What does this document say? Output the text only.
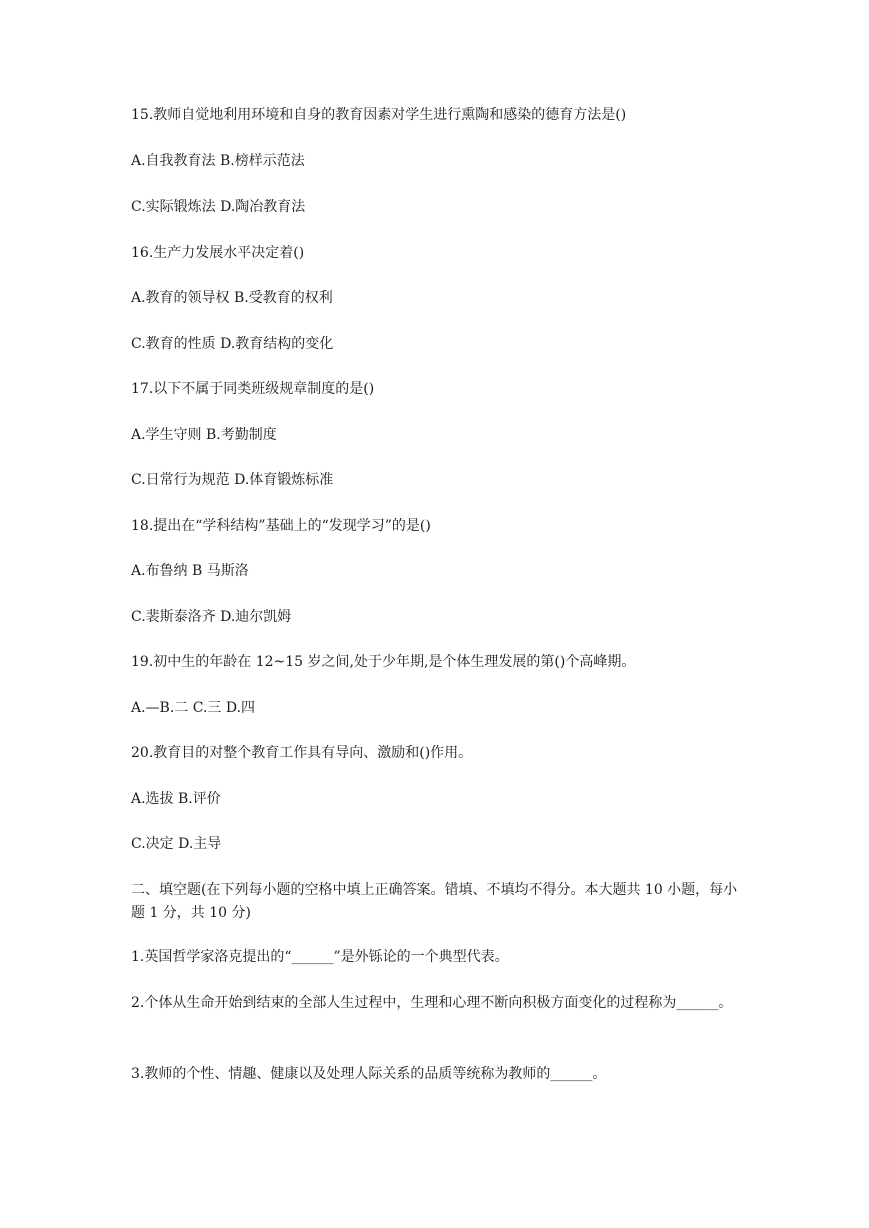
15.教师自觉地利用环境和自身的教育因素对学生进行熏陶和感染的德育方法是()
A.自我教育法 B.榜样示范法
C.实际锻炼法 D.陶冶教育法
16.生产力发展水平决定着()
A.教育的领导权 B.受教育的权利
C.教育的性质 D.教育结构的变化
17.以下不属于同类班级规章制度的是()
A.学生守则 B.考勤制度
C.日常行为规范 D.体育锻炼标准
18.提出在“学科结构”基础上的“发现学习”的是()
A.布鲁纳 B 马斯洛
C.裴斯泰洛齐 D.迪尔凯姆
19.初中生的年龄在 12~15 岁之间,处于少年期,是个体生理发展的第()个高峰期。
A.—B.二 C.三 D.四
20.教育目的对整个教育工作具有导向、激励和()作用。
A.选拔 B.评价
C.决定 D.主导
二、填空题(在下列每小题的空格中填上正确答案。错填、不填均不得分。本大题共 10 小题，每小题 1 分，共 10 分)
1.英国哲学家洛克提出的“______”是外铄论的一个典型代表。
2.个体从生命开始到结束的全部人生过程中，生理和心理不断向积极方面变化的过程称为______。
3.教师的个性、情趣、健康以及处理人际关系的品质等统称为教师的______。
